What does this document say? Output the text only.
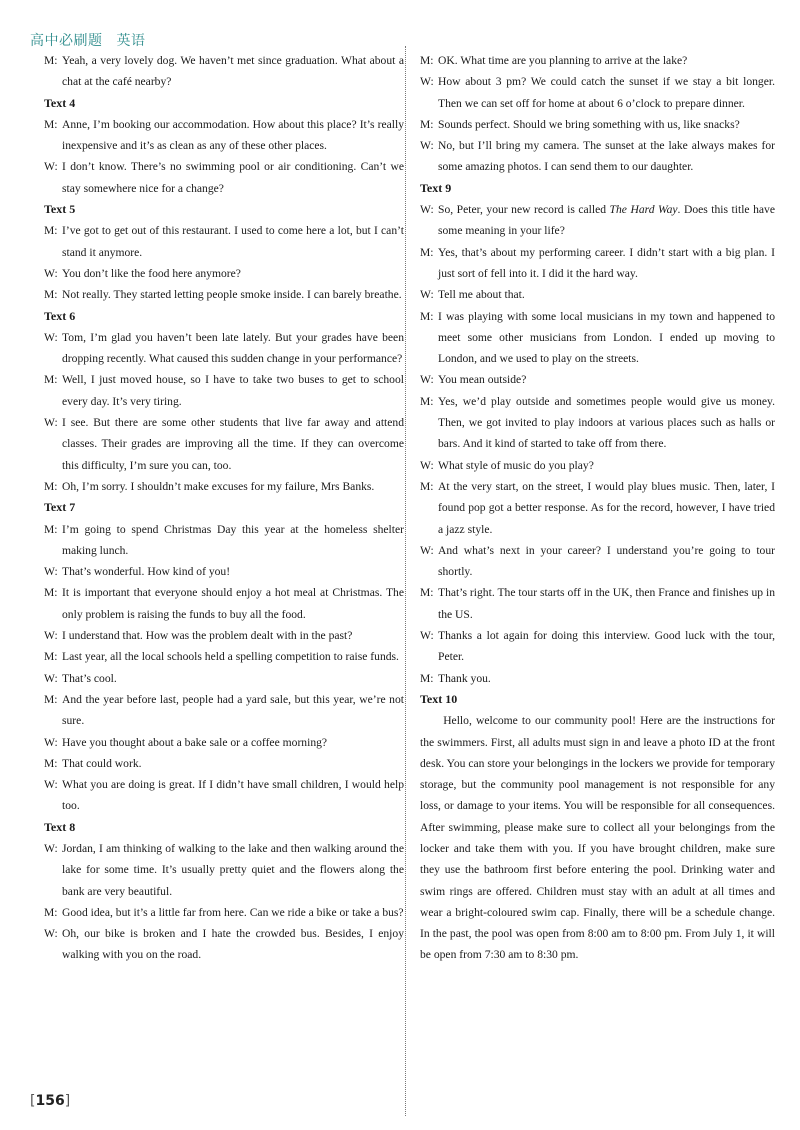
高中必刷题 英语

M: Yeah, a very lovely dog. We haven’t met since graduation. What about a chat at the café nearby?

Text 4

M: Anne, I’m booking our accommodation. How about this place? It’s really inexpensive and it’s as clean as any of these other places.

W: I don’t know. There’s no swimming pool or air conditioning. Can’t we stay somewhere nice for a change?

Text 5

M: I’ve got to get out of this restaurant. I used to come here a lot, but I can’t stand it anymore.

W: You don’t like the food here anymore?

M: Not really. They started letting people smoke inside. I can barely breathe.

Text 6

W: Tom, I’m glad you haven’t been late lately. But your grades have been dropping recently. What caused this sudden change in your performance?

M: Well, I just moved house, so I have to take two buses to get to school every day. It’s very tiring.

W: I see. But there are some other students that live far away and attend classes. Their grades are improving all the time. If they can overcome this difficulty, I’m sure you can, too.

M: Oh, I’m sorry. I shouldn’t make excuses for my failure, Mrs Banks.

Text 7

M: I’m going to spend Christmas Day this year at the homeless shelter making lunch.

W: That’s wonderful. How kind of you!

M: It is important that everyone should enjoy a hot meal at Christmas. The only problem is raising the funds to buy all the food.

W: I understand that. How was the problem dealt with in the past?

M: Last year, all the local schools held a spelling competition to raise funds.

W: That’s cool.

M: And the year before last, people had a yard sale, but this year, we’re not sure.

W: Have you thought about a bake sale or a coffee morning?

M: That could work.

W: What you are doing is great. If I didn’t have small children, I would help too.

Text 8

W: Jordan, I am thinking of walking to the lake and then walking around the lake for some time. It’s usually pretty quiet and the flowers along the bank are very beautiful.

M: Good idea, but it’s a little far from here. Can we ride a bike or take a bus?

W: Oh, our bike is broken and I hate the crowded bus. Besides, I enjoy walking with you on the road.

M: OK. What time are you planning to arrive at the lake?

W: How about 3 pm? We could catch the sunset if we stay a bit longer. Then we can set off for home at about 6 o’clock to prepare dinner.

M: Sounds perfect. Should we bring something with us, like snacks?

W: No, but I’ll bring my camera. The sunset at the lake always makes for some amazing photos. I can send them to our daughter.

Text 9

W: So, Peter, your new record is called The Hard Way. Does this title have some meaning in your life?

M: Yes, that’s about my performing career. I didn’t start with a big plan. I just sort of fell into it. I did it the hard way.

W: Tell me about that.

M: I was playing with some local musicians in my town and happened to meet some other musicians from London. I ended up moving to London, and we used to play on the streets.

W: You mean outside?

M: Yes, we’d play outside and sometimes people would give us money. Then, we got invited to play indoors at various places such as halls or bars. And it kind of started to take off from there.

W: What style of music do you play?

M: At the very start, on the street, I would play blues music. Then, later, I found pop got a better response. As for the record, however, I have tried a jazz style.

W: And what’s next in your career? I understand you’re going to tour shortly.

M: That’s right. The tour starts off in the UK, then France and finishes up in the US.

W: Thanks a lot again for doing this interview. Good luck with the tour, Peter.

M: Thank you.

Text 10

Hello, welcome to our community pool! Here are the instructions for the swimmers. First, all adults must sign in and leave a photo ID at the front desk. You can store your belongings in the lockers we provide for temporary storage, but the community pool management is not responsible for any loss, or damage to your items. You will be responsible for all consequences. After swimming, please make sure to collect all your belongings from the locker and take them with you. If you have brought children, make sure they use the bathroom first before entering the pool. Drinking water and swim rings are offered. Children must stay with an adult at all times and wear a bright-coloured swim cap. Finally, there will be a schedule change. In the past, the pool was open from 8:00 am to 8:00 pm. From July 1, it will be open from 7:30 am to 8:30 pm.

[156]
